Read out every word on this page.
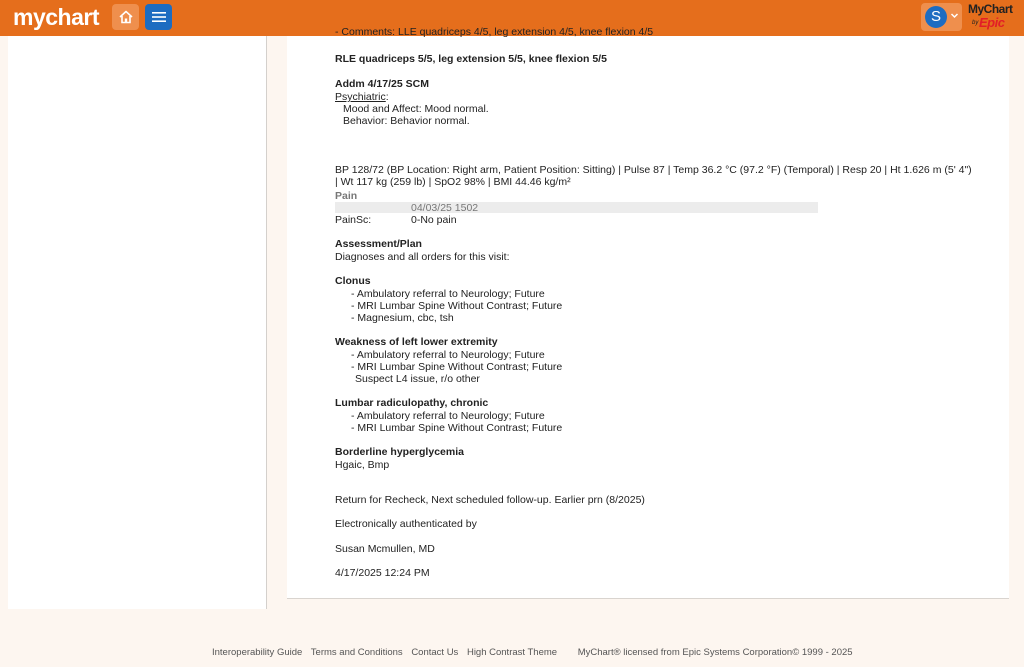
mychart	S	MyChart
by Epic
- Comments: LLE quadriceps 4/5, leg extension 4/5, knee flexion 4/5
RLE quadriceps 5/5, leg extension 5/5, knee flexion 5/5
Addm 4/17/25 SCM
Psychiatric:
Mood and Affect: Mood normal.
Behavior: Behavior normal.
BP 128/72 (BP Location: Right arm, Patient Position: Sitting) | Pulse 87 | Temp 36.2 °C (97.2 °F) (Temporal) | Resp 20 | Ht 1.626 m (5' 4")
| Wt 117 kg (259 lb) | SpO2 98% | BMI 44.46 kg/m²
Pain
04/03/25 1502
PainSc:	0-No pain
Assessment/Plan
Diagnoses and all orders for this visit:
Clonus
- Ambulatory referral to Neurology; Future
- MRI Lumbar Spine Without Contrast; Future
- Magnesium, cbc, tsh
Weakness of left lower extremity
- Ambulatory referral to Neurology; Future
- MRI Lumbar Spine Without Contrast; Future
Suspect L4 issue, r/o other
Lumbar radiculopathy, chronic
- Ambulatory referral to Neurology; Future
- MRI Lumbar Spine Without Contrast; Future
Borderline hyperglycemia
Hgaic, Bmp
Return for Recheck, Next scheduled follow-up. Earlier prn (8/2025)
Electronically authenticated by
Susan Mcmullen, MD
4/17/2025 12:24 PM
Interoperability Guide Terms and Conditions Contact Us High Contrast Theme MyChart® licensed from Epic Systems Corporation© 1999 - 2025
